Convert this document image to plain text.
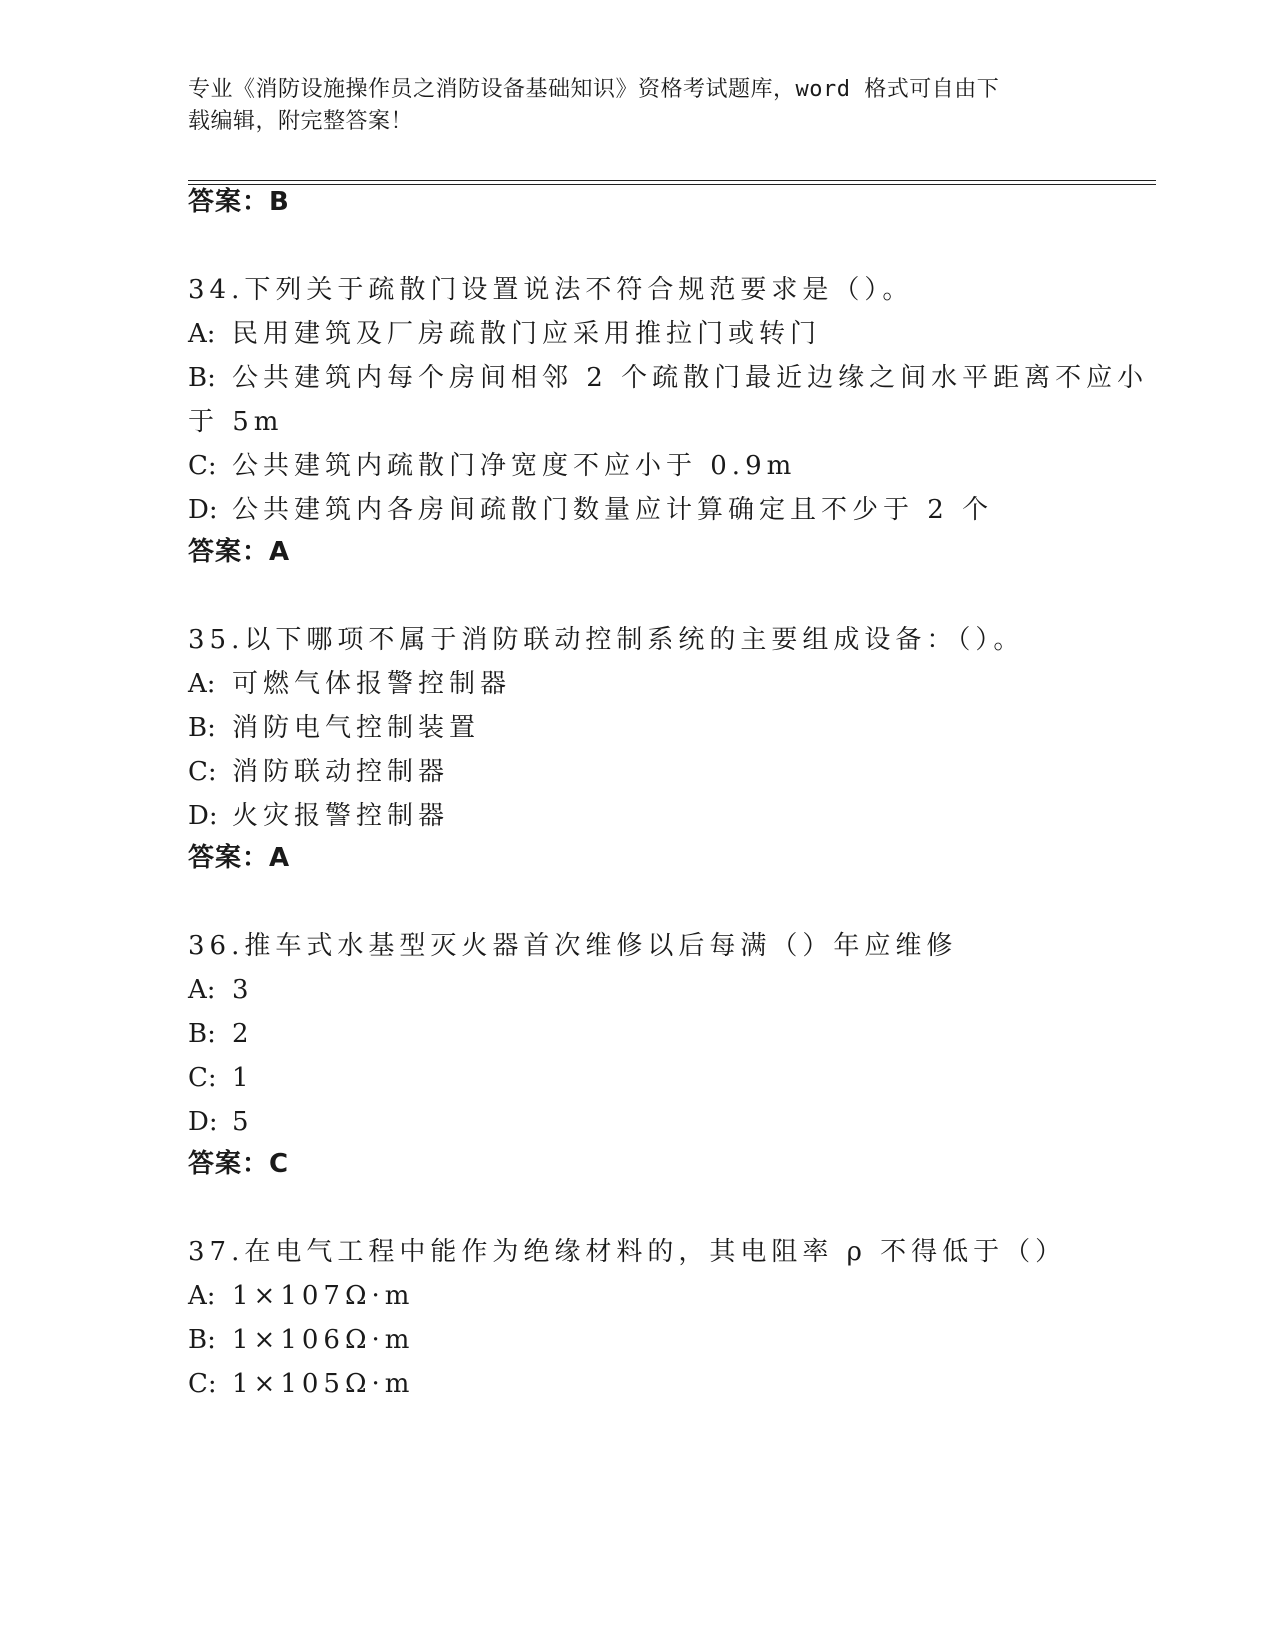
专业《消防设施操作员之消防设备基础知识》资格考试题库，word 格式可自由下
载编辑，附完整答案！
答案：B
34.下列关于疏散门设置说法不符合规范要求是（）。
A: 民用建筑及厂房疏散门应采用推拉门或转门
B: 公共建筑内每个房间相邻 2 个疏散门最近边缘之间水平距离不应小
于 5m
C: 公共建筑内疏散门净宽度不应小于 0.9m
D: 公共建筑内各房间疏散门数量应计算确定且不少于 2 个
答案：A
35.以下哪项不属于消防联动控制系统的主要组成设备：（）。
A: 可燃气体报警控制器
B: 消防电气控制装置
C: 消防联动控制器
D: 火灾报警控制器
答案：A
36.推车式水基型灭火器首次维修以后每满（）年应维修
A: 3
B: 2
C: 1
D: 5
答案：C
37.在电气工程中能作为绝缘材料的，其电阻率 ρ 不得低于（）
A: 1×107Ω·m
B: 1×106Ω·m
C: 1×105Ω·m
